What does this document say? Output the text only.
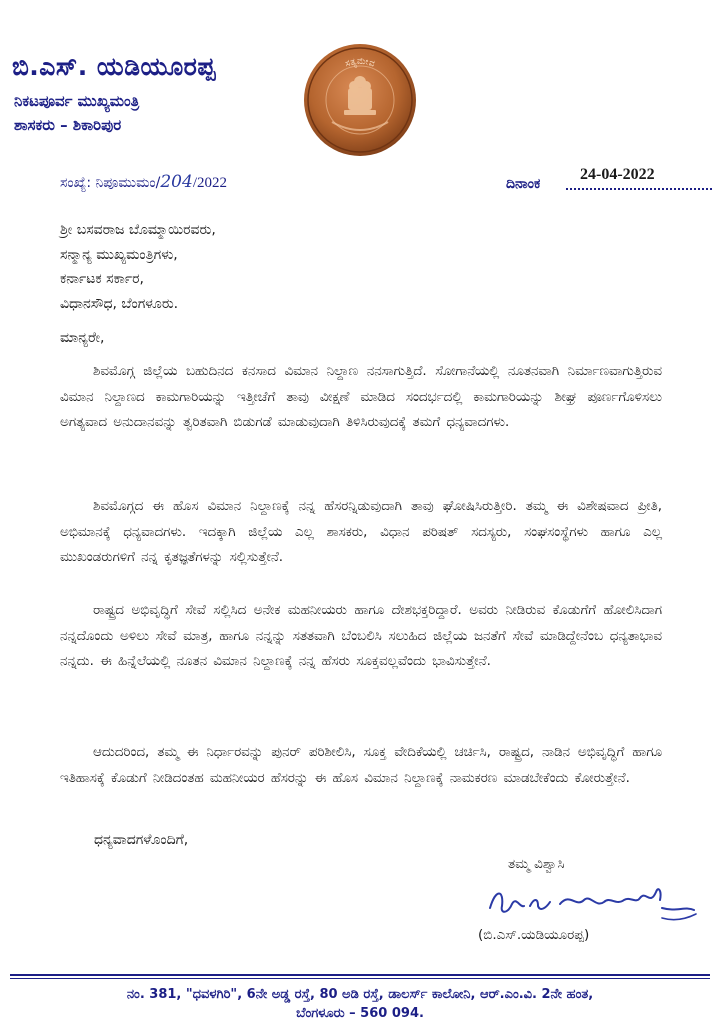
ಬಿ.ಎಸ್. ಯಡಿಯೂರಪ್ಪ
ನಿಕಟಪೂರ್ವ ಮುಖ್ಯಮಂತ್ರಿ
ಶಾಸಕರು – ಶಿಕಾರಿಪುರ
ಸತ್ಯಮೇವ
ಸಂಖ್ಯೆ: ನಿಪೂಮುಮಂ/204/2022	ದಿನಾಂಕ
24-04-2022
ಶ್ರೀ ಬಸವರಾಜ ಬೊಮ್ಮಾಯಿರವರು,
ಸನ್ಮಾನ್ಯ ಮುಖ್ಯಮಂತ್ರಿಗಳು,
ಕರ್ನಾಟಕ ಸರ್ಕಾರ,
ವಿಧಾನಸೌಧ, ಬೆಂಗಳೂರು.
ಮಾನ್ಯರೇ,
ಶಿವಮೊಗ್ಗ ಜಿಲ್ಲೆಯ ಬಹುದಿನದ ಕನಸಾದ ವಿಮಾನ ನಿಲ್ದಾಣ ನನಸಾಗುತ್ತಿದೆ. ಸೋಗಾನೆಯಲ್ಲಿ ನೂತನವಾಗಿ ನಿರ್ಮಾಣವಾಗುತ್ತಿರುವ ವಿಮಾನ ನಿಲ್ದಾಣದ ಕಾಮಗಾರಿಯನ್ನು ಇತ್ತೀಚೆಗೆ ತಾವು ವೀಕ್ಷಣೆ ಮಾಡಿದ ಸಂದರ್ಭದಲ್ಲಿ ಕಾಮಗಾರಿಯನ್ನು ಶೀಘ್ರ ಪೂರ್ಣಗೊಳಿಸಲು ಅಗತ್ಯವಾದ ಅನುದಾನವನ್ನು ತ್ವರಿತವಾಗಿ ಬಿಡುಗಡೆ ಮಾಡುವುದಾಗಿ ತಿಳಿಸಿರುವುದಕ್ಕೆ ತಮಗೆ ಧನ್ಯವಾದಗಳು.
ಶಿವಮೊಗ್ಗದ ಈ ಹೊಸ ವಿಮಾನ ನಿಲ್ದಾಣಕ್ಕೆ ನನ್ನ ಹೆಸರನ್ನಿಡುವುದಾಗಿ ತಾವು ಘೋಷಿಸಿರುತ್ತೀರಿ. ತಮ್ಮ ಈ ವಿಶೇಷವಾದ ಪ್ರೀತಿ, ಅಭಿಮಾನಕ್ಕೆ ಧನ್ಯವಾದಗಳು. ಇದಕ್ಕಾಗಿ ಜಿಲ್ಲೆಯ ಎಲ್ಲ ಶಾಸಕರು, ವಿಧಾನ ಪರಿಷತ್ ಸದಸ್ಯರು, ಸಂಘಸಂಸ್ಥೆಗಳು ಹಾಗೂ ಎಲ್ಲ ಮುಖಂಡರುಗಳಿಗೆ ನನ್ನ ಕೃತಜ್ಞತೆಗಳನ್ನು ಸಲ್ಲಿಸುತ್ತೇನೆ.
ರಾಷ್ಟ್ರದ ಅಭಿವೃದ್ಧಿಗೆ ಸೇವೆ ಸಲ್ಲಿಸಿದ ಅನೇಕ ಮಹನೀಯರು ಹಾಗೂ ದೇಶಭಕ್ತರಿದ್ದಾರೆ. ಅವರು ನೀಡಿರುವ ಕೊಡುಗೆಗೆ ಹೋಲಿಸಿದಾಗ ನನ್ನದೊಂದು ಅಳಿಲು ಸೇವೆ ಮಾತ್ರ, ಹಾಗೂ ನನ್ನನ್ನು ಸತತವಾಗಿ ಬೆಂಬಲಿಸಿ ಸಲುಹಿದ ಜಿಲ್ಲೆಯ ಜನತೆಗೆ ಸೇವೆ ಮಾಡಿದ್ದೇನೆಂಬ ಧನ್ಯತಾಭಾವ ನನ್ನದು. ಈ ಹಿನ್ನೆಲೆಯಲ್ಲಿ ನೂತನ ವಿಮಾನ ನಿಲ್ದಾಣಕ್ಕೆ ನನ್ನ ಹೆಸರು ಸೂಕ್ತವಲ್ಲವೆಂದು ಭಾವಿಸುತ್ತೇನೆ.
ಆದುದರಿಂದ, ತಮ್ಮ ಈ ನಿರ್ಧಾರವನ್ನು ಪುನರ್ ಪರಿಶೀಲಿಸಿ, ಸೂಕ್ತ ವೇದಿಕೆಯಲ್ಲಿ ಚರ್ಚಿಸಿ, ರಾಷ್ಟ್ರದ, ನಾಡಿನ ಅಭಿವೃದ್ಧಿಗೆ ಹಾಗೂ ಇತಿಹಾಸಕ್ಕೆ ಕೊಡುಗೆ ನೀಡಿದಂತಹ ಮಹನೀಯರ ಹೆಸರನ್ನು ಈ ಹೊಸ ವಿಮಾನ ನಿಲ್ದಾಣಕ್ಕೆ ನಾಮಕರಣ ಮಾಡಬೇಕೆಂದು ಕೋರುತ್ತೇನೆ.
ಧನ್ಯವಾದಗಳೊಂದಿಗೆ,
ತಮ್ಮ ವಿಶ್ವಾಸಿ
(ಬಿ.ಎಸ್.ಯಡಿಯೂರಪ್ಪ)
ನಂ. 381, "ಧವಳಗಿರಿ", 6ನೇ ಅಡ್ಡ ರಸ್ತೆ, 80 ಅಡಿ ರಸ್ತೆ, ಡಾಲರ್ಸ್ ಕಾಲೋನಿ, ಆರ್.ಎಂ.ವಿ. 2ನೇ ಹಂತ,
ಬೆಂಗಳೂರು – 560 094.
